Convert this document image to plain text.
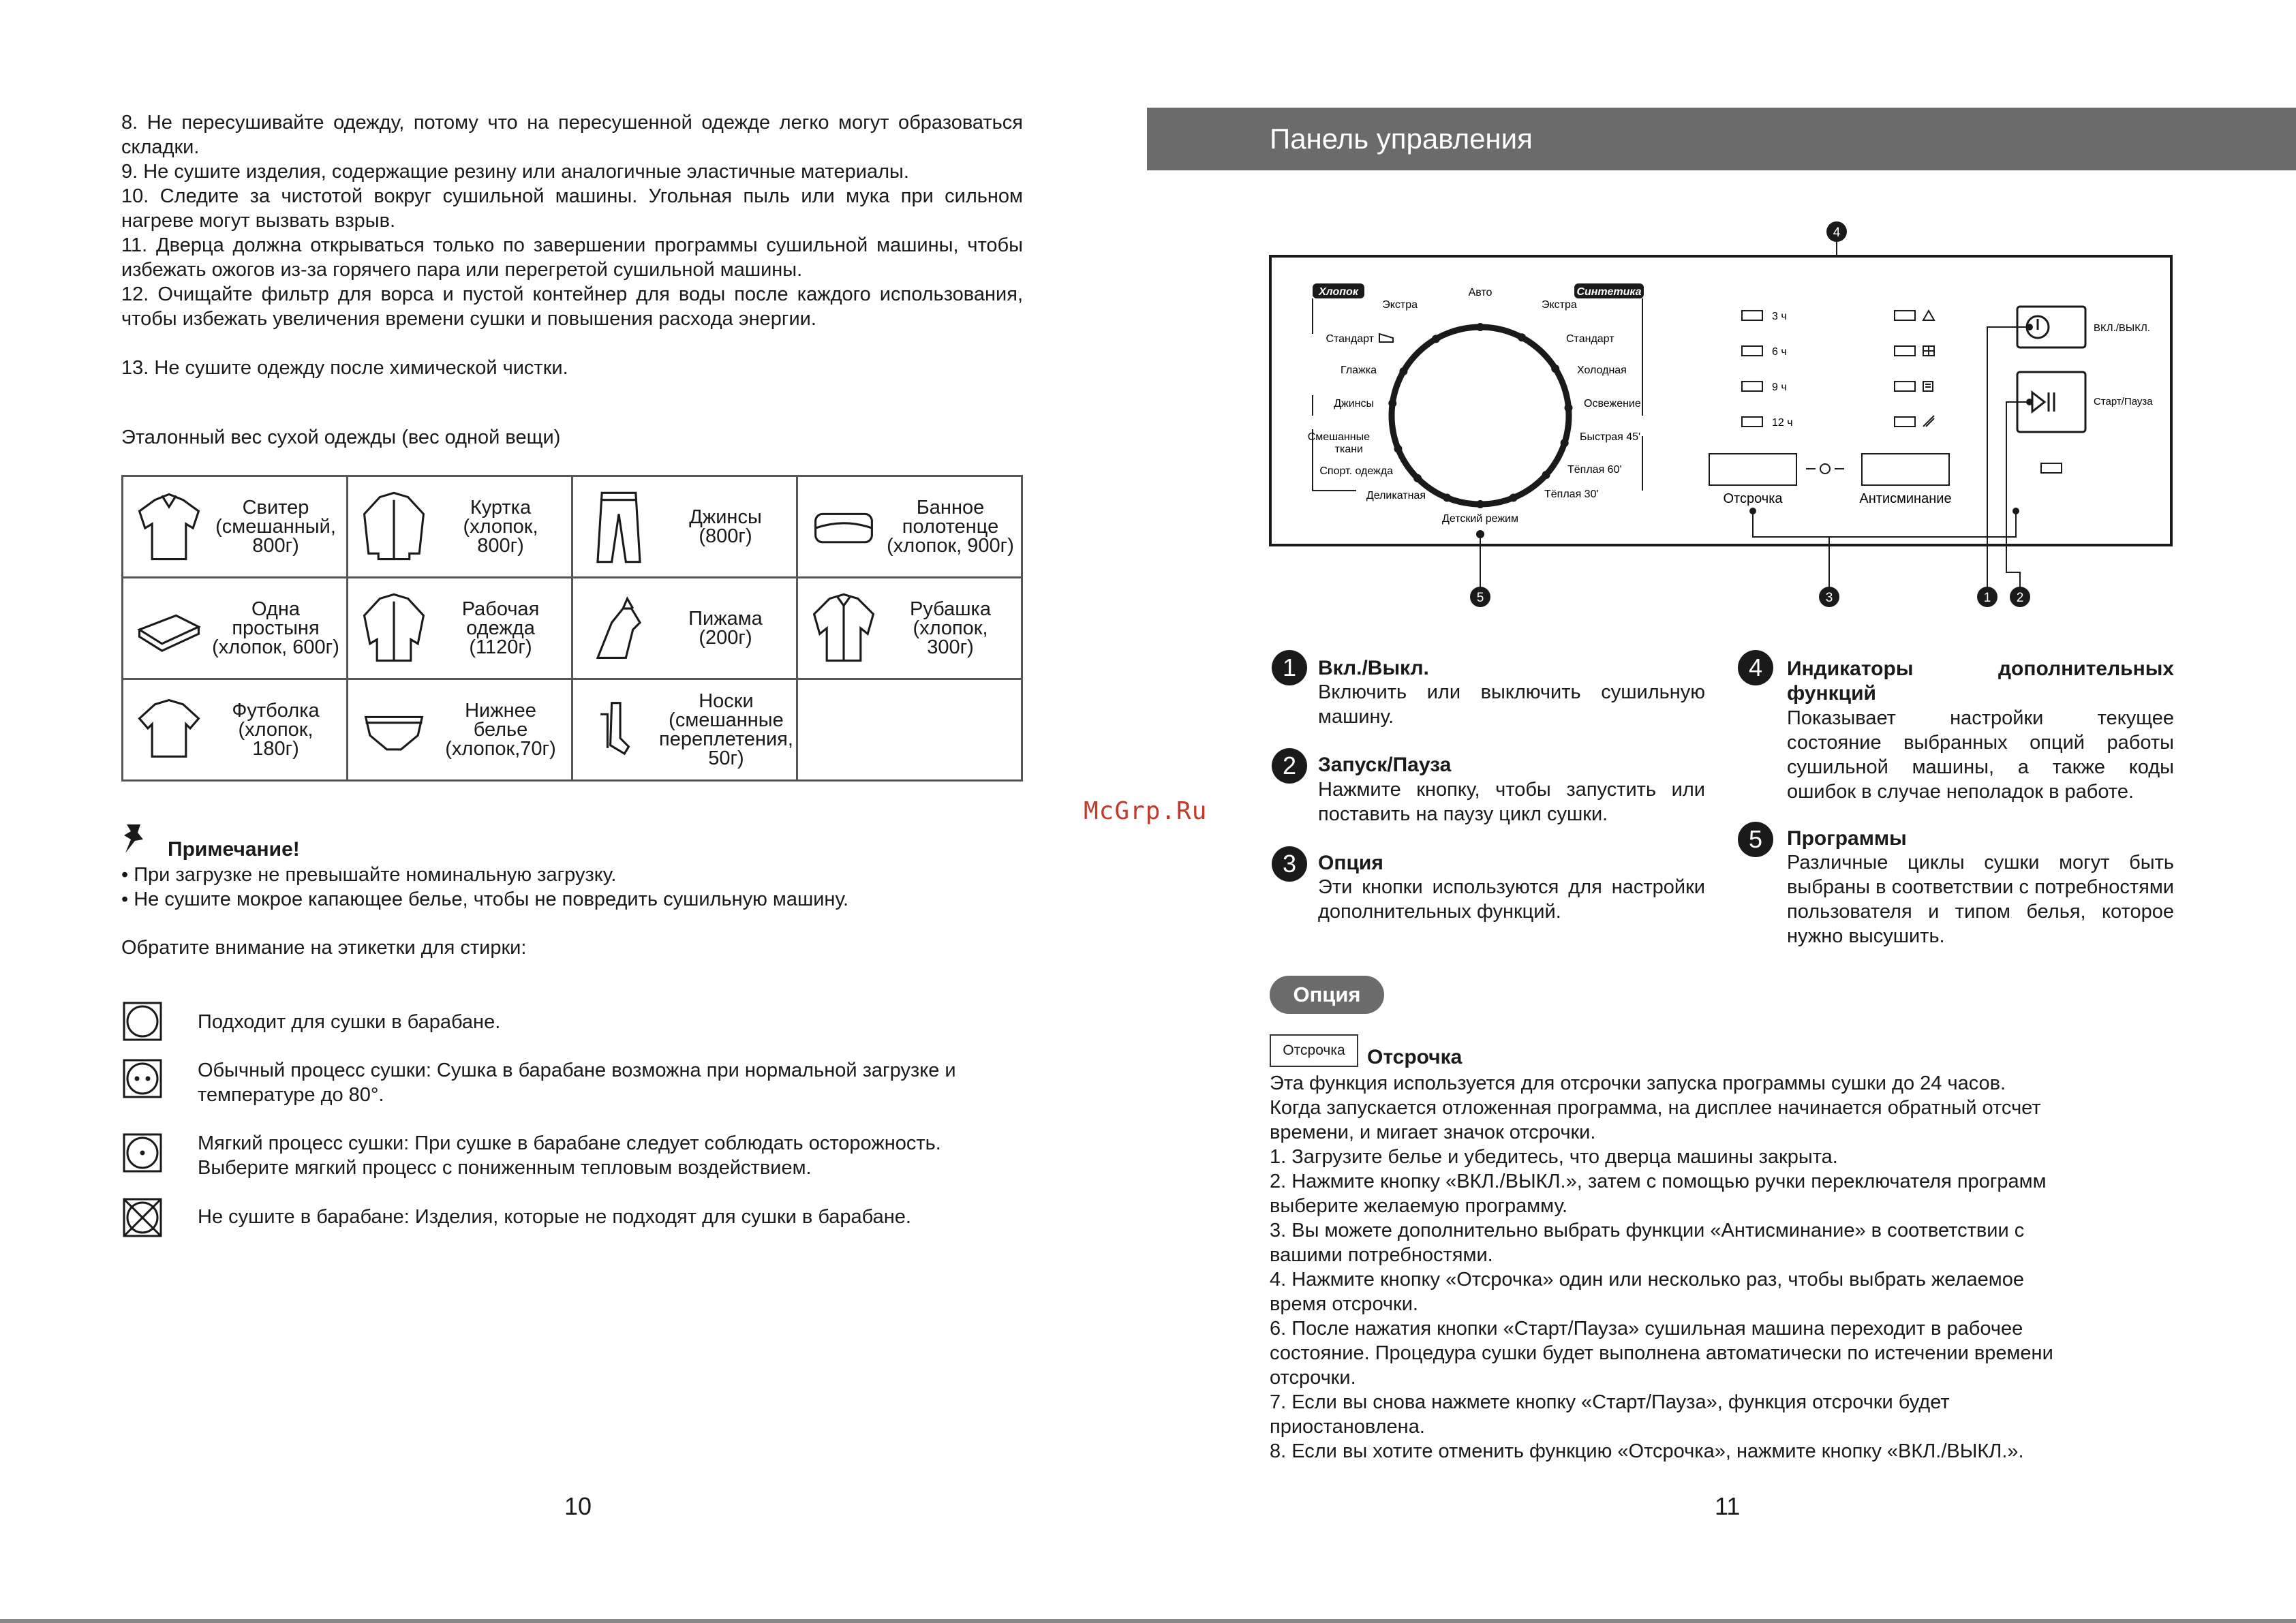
8. Не пересушивайте одежду, потому что на пересушенной одежде легко могут образоваться складки.
9. Не сушите изделия, содержащие резину или аналогичные эластичные материалы.
10. Следите за чистотой вокруг сушильной машины. Угольная пыль или мука при сильном нагреве могут вызвать взрыв.
11. Дверца должна открываться только по завершении программы сушильной машины, чтобы избежать ожогов из-за горячего пара или перегретой сушильной машины.
12. Очищайте фильтр для ворса и пустой контейнер для воды после каждого использования, чтобы избежать увеличения времени сушки и повышения расхода энергии.
13. Не сушите одежду после химической чистки.
Эталонный вес сухой одежды (вес одной вещи)
Свитер
(смешанный,
800г)	Куртка
(хлопок,
800г)	Джинсы
(800г)	Банное
полотенце
(хлопок, 900г)

Одна
простыня
(хлопок, 600г)	Рабочая
одежда
(1120г)	Пижама
(200г)	Рубашка
(хлопок,
300г)

Футболка
(хлопок,
180г)	Нижнее
белье
(хлопок,70г)	Носки
(смешанные
переплетения,
50г)	

Примечание!
• При загрузке не превышайте номинальную загрузку.
• Не сушите мокрое капающее белье, чтобы не повредить сушильную машину.
Обратите внимание на этикетки для стирки:
Подходит для сушки в барабане.
Обычный процесс сушки: Сушка в барабане возможна при нормальной загрузке и температуре до 80°.
Мягкий процесс сушки: При сушке в барабане следует соблюдать осторожность. Выберите мягкий процесс с пониженным тепловым воздействием.
Не сушите в барабане: Изделия, которые не подходят для сушки в барабане.
10
McGrp.Ru
Панель управления
4
Хлопок	Синтетика
Экстра
Стандарт
Глажка
Джинсы
Смешанные
ткани
Спорт. одежда
Деликатная
Авто
Экстра
Стандарт
Холодная
Освежение
Быстрая 45'
Тёплая 60'
Тёплая 30'
Детский режим
3 ч
6 ч
9 ч
12 ч
Отсрочка	Антисминание
ВКЛ./ВЫКЛ.
Старт/Пауза
5	3	1 2
1	Вкл./Выкл.
Включить или выключить сушильную машину.
2	Запуск/Пауза
Нажмите кнопку, чтобы запустить или поставить на паузу цикл сушки.
3	Опция
Эти кнопки используются для настройки дополнительных функций.
4	Индикаторы дополнительных функций
Показывает настройки текущее состояние выбранных опций работы сушильной машины, а также коды ошибок в случае неполадок в работе.
5	Программы
Различные циклы сушки могут быть выбраны в соответствии с потребностями пользователя и типом белья, которое нужно высушить.
Опция
Отсрочка	Отсрочка
Эта функция используется для отсрочки запуска программы сушки до 24 часов.
Когда запускается отложенная программа, на дисплее начинается обратный отсчет
времени, и мигает значок отсрочки.
1. Загрузите белье и убедитесь, что дверца машины закрыта.
2. Нажмите кнопку «ВКЛ./ВЫКЛ.», затем с помощью ручки переключателя программ
выберите желаемую программу.
3. Вы можете дополнительно выбрать функции «Антисминание» в соответствии с
вашими потребностями.
4. Нажмите кнопку «Отсрочка» один или несколько раз, чтобы выбрать желаемое
время отсрочки.
6. После нажатия кнопки «Старт/Пауза» сушильная машина переходит в рабочее
состояние. Процедура сушки будет выполнена автоматически по истечении времени
отсрочки.
7. Если вы снова нажмете кнопку «Старт/Пауза», функция отсрочки будет
приостановлена.
8. Если вы хотите отменить функцию «Отсрочка», нажмите кнопку «ВКЛ./ВЫКЛ.».
11
